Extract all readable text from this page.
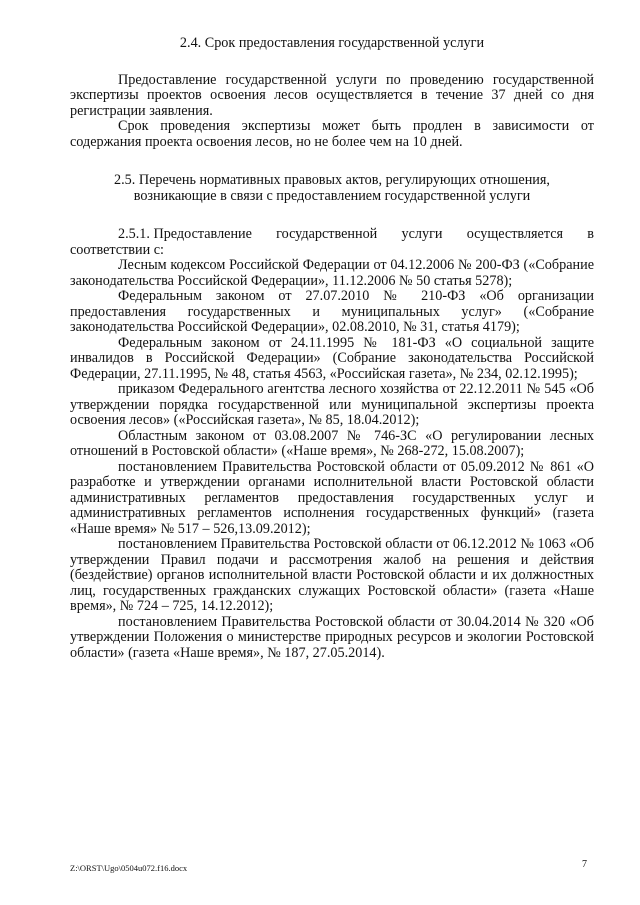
2.4. Срок предоставления государственной услуги

Предоставление государственной услуги по проведению государственной экспертизы проектов освоения лесов осуществляется в течение 37 дней со дня регистрации заявления.

Срок проведения экспертизы может быть продлен в зависимости от содержания проекта освоения лесов, но не более чем на 10 дней.

2.5. Перечень нормативных правовых актов, регулирующих отношения,

возникающие в связи с предоставлением государственной услуги

2.5.1. Предоставление государственной услуги осуществляется в

соответствии с:

Лесным кодексом Российской Федерации от 04.12.2006 № 200-ФЗ («Собрание законодательства Российской Федерации», 11.12.2006 № 50 статья 5278);

Федеральным законом от 27.07.2010 № 210-ФЗ «Об организации предоставления государственных и муниципальных услуг» («Собрание законодательства Российской Федерации», 02.08.2010, № 31, статья 4179);

Федеральным законом от 24.11.1995 № 181-ФЗ «О социальной защите инвалидов в Российской Федерации» (Собрание законодательства Российской Федерации, 27.11.1995, № 48, статья 4563, «Российская газета», № 234, 02.12.1995);

приказом Федерального агентства лесного хозяйства от 22.12.2011 № 545 «Об утверждении порядка государственной или муниципальной экспертизы проекта освоения лесов» («Российская газета», № 85, 18.04.2012);

Областным законом от 03.08.2007 № 746-ЗС «О регулировании лесных отношений в Ростовской области» («Наше время», № 268-272, 15.08.2007);

постановлением Правительства Ростовской области от 05.09.2012 № 861 «О разработке и утверждении органами исполнительной власти Ростовской области административных регламентов предоставления государственных услуг и административных регламентов исполнения государственных функций» (газета «Наше время» № 517 – 526,13.09.2012);

постановлением Правительства Ростовской области от 06.12.2012 № 1063 «Об утверждении Правил подачи и рассмотрения жалоб на решения и действия (бездействие) органов исполнительной власти Ростовской области и их должностных лиц, государственных гражданских служащих Ростовской области» (газета «Наше время», № 724 – 725, 14.12.2012);

постановлением Правительства Ростовской области от 30.04.2014 № 320 «Об утверждении Положения о министерстве природных ресурсов и экологии Ростовской области» (газета «Наше время», № 187, 27.05.2014).

Z:\ORST\Ugo\0504u072.f16.docx	7
